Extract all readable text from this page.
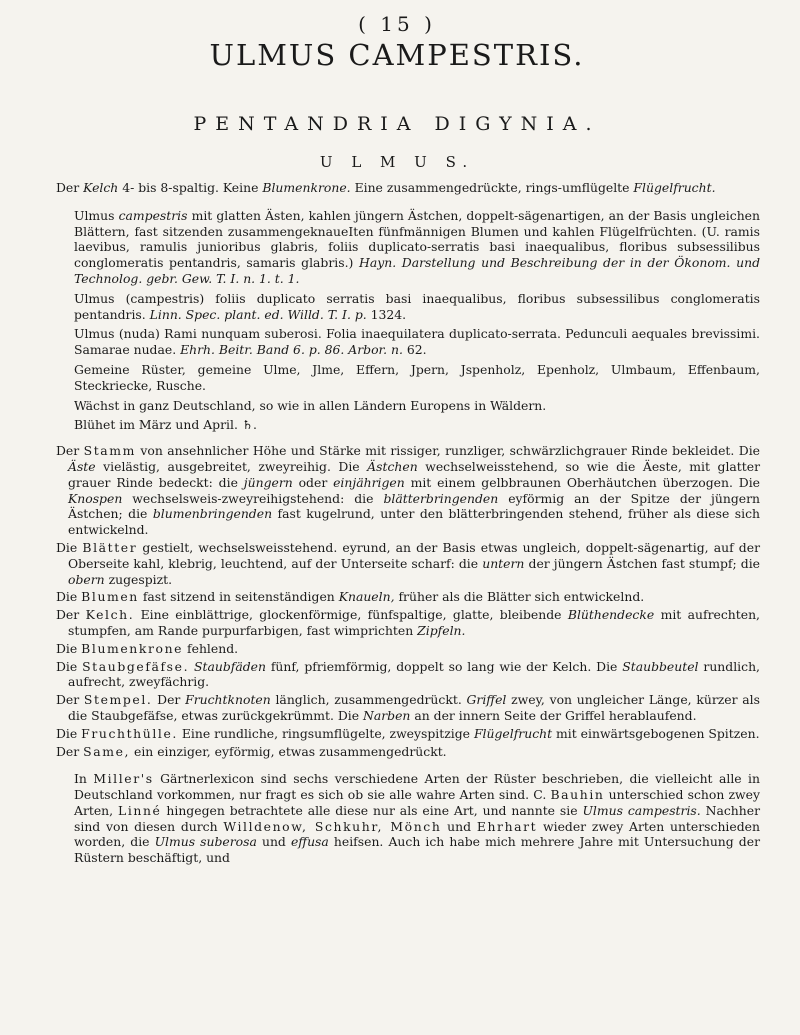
( 15 )

ULMUS CAMPESTRIS.

PENTANDRIA DIGYNIA.

U L M U S.

Der Kelch 4- bis 8-spaltig. Keine Blumenkrone. Eine zusammengedrückte, rings-umflügelte Flügelfrucht.

Ulmus campestris mit glatten Ästen, kahlen jüngern Ästchen, doppelt-sägenartigen, an der Basis ungleichen Blättern, fast sitzenden zusammengeknaueIten fünfmännigen Blumen und kahlen Flügelfrüchten. (U. ramis laevibus, ramulis junioribus glabris, foliis duplicato-serratis basi inaequalibus, floribus subsessilibus conglomeratis pentandris, samaris glabris.) Hayn. Darstellung und Beschreibung der in der Ökonom. und Technolog. gebr. Gew. T. I. n. 1. t. 1.

Ulmus (campestris) foliis duplicato serratis basi inaequalibus, floribus subsessilibus conglomeratis pentandris. Linn. Spec. plant. ed. Willd. T. I. p. 1324.

Ulmus (nuda) Rami nunquam suberosi. Folia inaequilatera duplicato-serrata. Pedunculi aequales brevissimi. Samarae nudae. Ehrh. Beitr. Band 6. p. 86. Arbor. n. 62.

Gemeine Rüster, gemeine Ulme, Jlme, Effern, Jpern, Jspenholz, Epenholz, Ulmbaum, Effenbaum, Steckriecke, Rusche.

Wächst in ganz Deutschland, so wie in allen Ländern Europens in Wäldern.

Blühet im März und April. ♄.

Der Stamm von ansehnlicher Höhe und Stärke mit rissiger, runzliger, schwärzlichgrauer Rinde bekleidet. Die Äste vielästig, ausgebreitet, zweyreihig. Die Ästchen wechselweisstehend, so wie die Äeste, mit glatter grauer Rinde bedeckt: die jüngern oder einjährigen mit einem gelbbraunen Oberhäutchen überzogen. Die Knospen wechselsweis-zweyreihigstehend: die blätterbringenden eyförmig an der Spitze der jüngern Ästchen; die blumenbringenden fast kugelrund, unter den blätterbringenden stehend, früher als diese sich entwickelnd.

Die Blätter gestielt, wechselsweisstehend. eyrund, an der Basis etwas ungleich, doppelt-sägenartig, auf der Oberseite kahl, klebrig, leuchtend, auf der Unterseite scharf: die untern der jüngern Ästchen fast stumpf; die obern zugespizt.

Die Blumen fast sitzend in seitenständigen Knaueln, früher als die Blätter sich entwickelnd.

Der Kelch. Eine einblättrige, glockenförmige, fünfspaltige, glatte, bleibende Blüthendecke mit aufrechten, stumpfen, am Rande purpurfarbigen, fast wimprichten Zipfeln.

Die Blumenkrone fehlend.

Die Staubgefäfse. Staubfäden fünf, pfriemförmig, doppelt so lang wie der Kelch. Die Staubbeutel rundlich, aufrecht, zweyfächrig.

Der Stempel. Der Fruchtknoten länglich, zusammengedrückt. Griffel zwey, von ungleicher Länge, kürzer als die Staubgefäfse, etwas zurückgekrümmt. Die Narben an der innern Seite der Griffel herablaufend.

Die Fruchthülle. Eine rundliche, ringsumflügelte, zweyspitzige Flügelfrucht mit einwärtsgebogenen Spitzen.

Der Same, ein einziger, eyförmig, etwas zusammengedrückt.

In Miller's Gärtnerlexicon sind sechs verschiedene Arten der Rüster beschrieben, die vielleicht alle in Deutschland vorkommen, nur fragt es sich ob sie alle wahre Arten sind. C. Bauhin unterschied schon zwey Arten, Linné hingegen betrachtete alle diese nur als eine Art, und nannte sie Ulmus campestris. Nachher sind von diesen durch Willdenow, Schkuhr, Mönch und Ehrhart wieder zwey Arten unterschieden worden, die Ulmus suberosa und effusa heifsen. Auch ich habe mich mehrere Jahre mit Untersuchung der Rüstern beschäftigt, und
